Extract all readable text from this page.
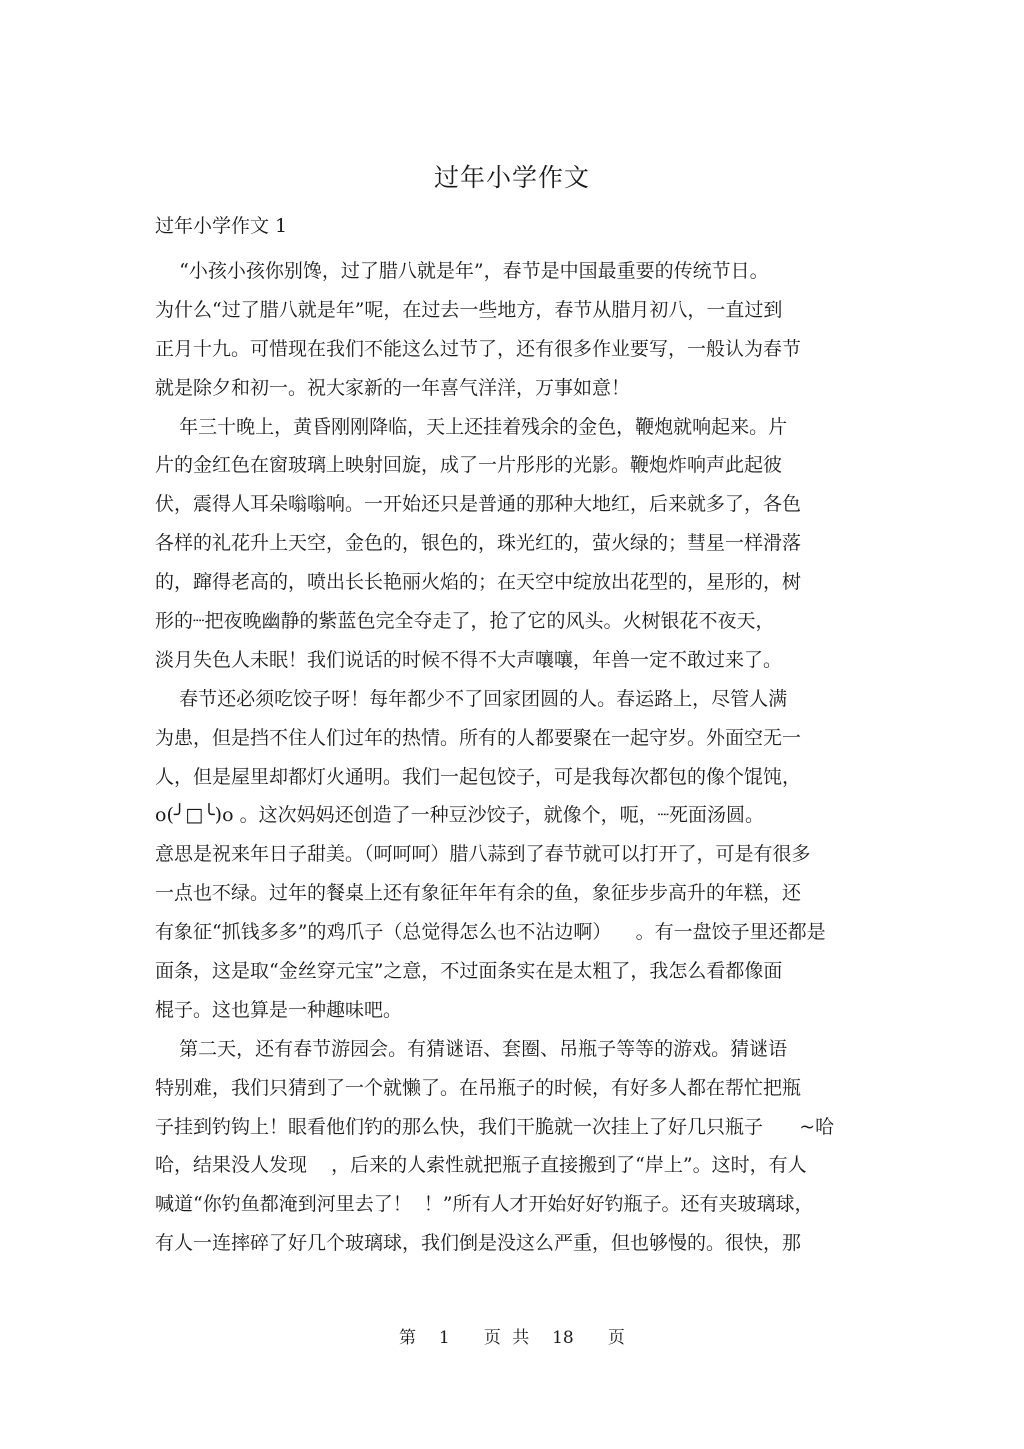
过年小学作文
过年小学作文 1
“小孩小孩你别馋，过了腊八就是年”，春节是中国最重要的传统节日。
为什么“过了腊八就是年”呢，在过去一些地方，春节从腊月初八，一直过到
正月十九。可惜现在我们不能这么过节了，还有很多作业要写，一般认为春节
就是除夕和初一。祝大家新的一年喜气洋洋，万事如意！
年三十晚上，黄昏刚刚降临，天上还挂着残余的金色，鞭炮就响起来。片
片的金红色在窗玻璃上映射回旋，成了一片彤彤的光影。鞭炮炸响声此起彼
伏，震得人耳朵嗡嗡响。一开始还只是普通的那种大地红，后来就多了，各色
各样的礼花升上天空，金色的，银色的，珠光红的，萤火绿的；彗星一样滑落
的，蹿得老高的，喷出长长艳丽火焰的；在天空中绽放出花型的，星形的，树
形的┈把夜晚幽静的紫蓝色完全夺走了，抢了它的风头。火树银花不夜天，
淡月失色人未眠！我们说话的时候不得不大声嚷嚷，年兽一定不敢过来了。
春节还必须吃饺子呀！每年都少不了回家团圆的人。春运路上，尽管人满
为患，但是挡不住人们过年的热情。所有的人都要聚在一起守岁。外面空无一
人，但是屋里却都灯火通明。我们一起包饺子，可是我每次都包的像个馄饨，
o(╯□╰)o 。这次妈妈还创造了一种豆沙饺子，就像个，呃，┈死面汤圆。
意思是祝来年日子甜美。（呵呵呵）腊八蒜到了春节就可以打开了，可是有很多
一点也不绿。过年的餐桌上还有象征年年有余的鱼，象征步步高升的年糕，还
有象征“抓钱多多”的鸡爪子（总觉得怎么也不沾边啊）    。有一盘饺子里还都是
面条，这是取“金丝穿元宝”之意，不过面条实在是太粗了，我怎么看都像面
棍子。这也算是一种趣味吧。
第二天，还有春节游园会。有猜谜语、套圈、吊瓶子等等的游戏。猜谜语
特别难，我们只猜到了一个就懒了。在吊瓶子的时候，有好多人都在帮忙把瓶
子挂到钓钩上！眼看他们钓的那么快，我们干脆就一次挂上了好几只瓶子      ~哈
哈，结果没人发现    ，后来的人索性就把瓶子直接搬到了“岸上”。这时，有人
喊道“你钓鱼都淹到河里去了！  ！”所有人才开始好好钓瓶子。还有夹玻璃球，
有人一连摔碎了好几个玻璃球，我们倒是没这么严重，但也够慢的。很快，那
第  1   页 共  18   页
